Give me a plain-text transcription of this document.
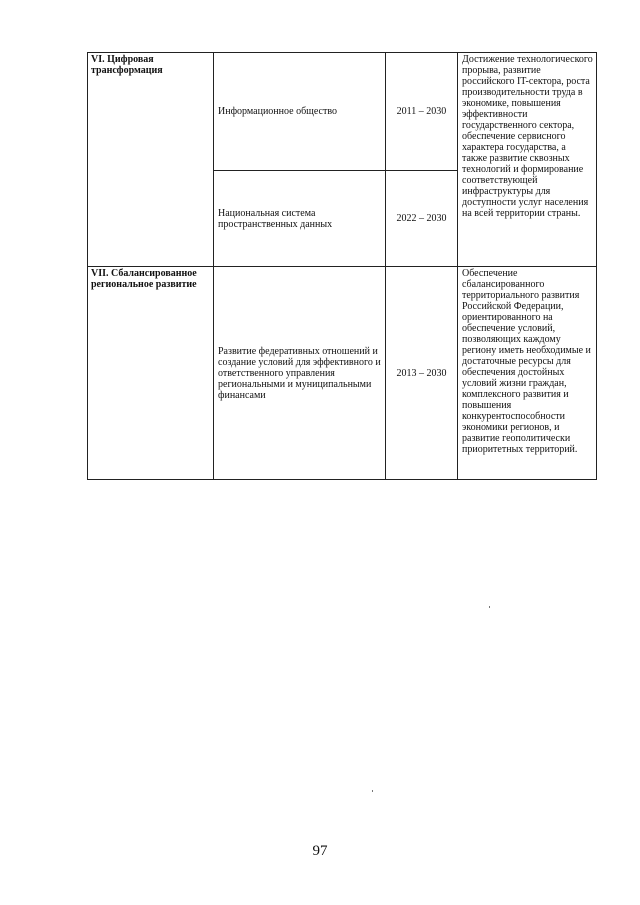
VI. Цифровая трансформация	Информационное общество	2011 – 2030	Достижение технологического прорыва, развитие российского IT-сектора, роста производительности труда в экономике, повышения эффективности государственного сектора, обеспечение сервисного характера государства, а также развитие сквозных технологий и формирование соответствующей инфраструктуры для доступности услуг населения на всей территории страны.

	Национальная система пространственных данных	2022 – 2030	

VII. Сбалансированное региональное развитие	Развитие федеративных отношений и создание условий для эффективного и ответственного управления региональными и муниципальными финансами	2013 – 2030	Обеспечение сбалансированного территориального развития Российской Федерации, ориентированного на обеспечение условий, позволяющих каждому региону иметь необходимые и достаточные ресурсы для обеспечения достойных условий жизни граждан, комплексного развития и повышения конкурентоспособности экономики регионов, и развитие геополитически приоритетных территорий.
97
